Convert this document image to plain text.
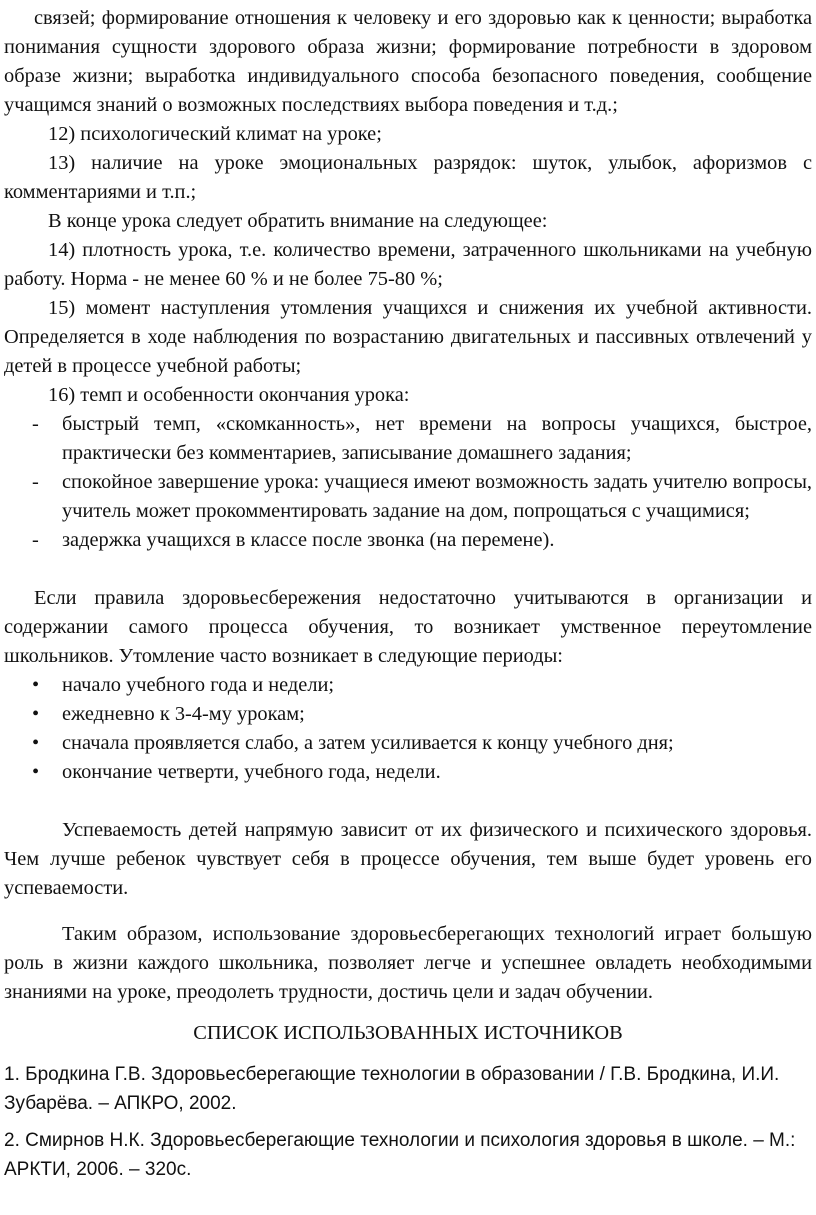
связей; формирование отношения к человеку и его здоровью как к ценности; выработка понимания сущности здорового образа жизни; формирование потребности в здоровом образе жизни; выработка индивидуального способа безопасного поведения, сообщение учащимся знаний о возможных последствиях выбора поведения и т.д.;

12) психологический климат на уроке;

13) наличие на уроке эмоциональных разрядок: шуток, улыбок, афоризмов с комментариями и т.п.;

В конце урока следует обратить внимание на следующее:

14) плотность урока, т.е. количество времени, затраченного школьниками на учебную работу. Норма - не менее 60 % и не более 75-80 %;

15) момент наступления утомления учащихся и снижения их учебной активности. Определяется в ходе наблюдения по возрастанию двигательных и пассивных отвлечений у детей в процессе учебной работы;

16) темп и особенности окончания урока:

- быстрый темп, «скомканность», нет времени на вопросы учащихся, быстрое, практически без комментариев, записывание домашнего задания;
- спокойное завершение урока: учащиеся имеют возможность задать учителю вопросы, учитель может прокомментировать задание на дом, попрощаться с учащимися;
- задержка учащихся в классе после звонка (на перемене).

Если правила здоровьесбережения недостаточно учитываются в организации и содержании самого процесса обучения, то возникает умственное переутомление школьников. Утомление часто возникает в следующие периоды:

• начало учебного года и недели;
• ежедневно к 3-4-му урокам;
• сначала проявляется слабо, а затем усиливается к концу учебного дня;
• окончание четверти, учебного года, недели.

Успеваемость детей напрямую зависит от их физического и психического здоровья. Чем лучше ребенок чувствует себя в процессе обучения, тем выше будет уровень его успеваемости.

Таким образом, использование здоровьесберегающих технологий играет большую роль в жизни каждого школьника, позволяет легче и успешнее овладеть необходимыми знаниями на уроке, преодолеть трудности, достичь цели и задач обучении.

СПИСОК ИСПОЛЬЗОВАННЫХ ИСТОЧНИКОВ

1. Бродкина Г.В. Здоровьесберегающие технологии в образовании / Г.В. Бродкина, И.И. Зубарёва. – АПКРО, 2002.

2. Смирнов Н.К. Здоровьесберегающие технологии и психология здоровья в школе. – М.: АРКТИ, 2006. – 320с.
